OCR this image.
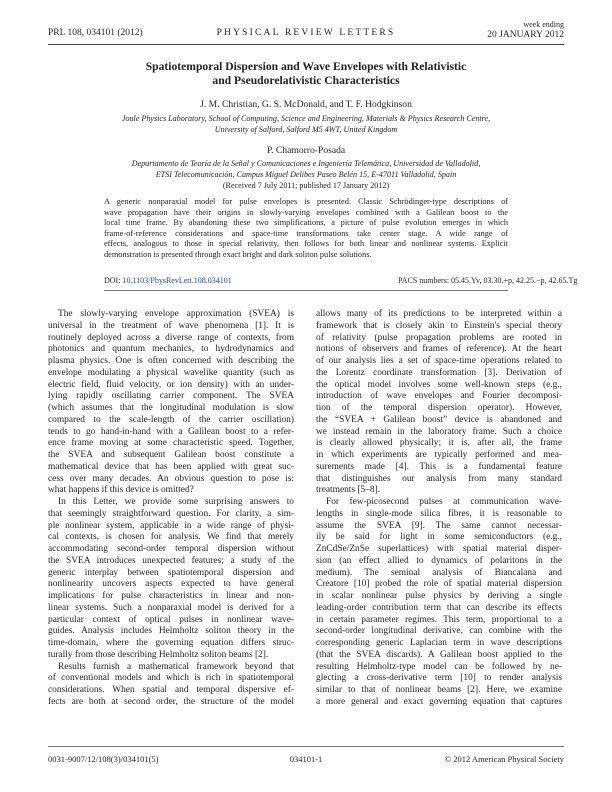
PRL 108, 034101 (2012)	PHYSICAL REVIEW LETTERS
week ending
20 JANUARY 2012
Spatiotemporal Dispersion and Wave Envelopes with Relativistic
and Pseudorelativistic Characteristics
J. M. Christian, G. S. McDonald, and T. F. Hodgkinson
Joule Physics Laboratory, School of Computing, Science and Engineering, Materials & Physics Research Centre,
University of Salford, Salford M5 4WT, United Kingdom
P. Chamorro-Posada
Departamento de Teoría de la Señal y Comunicaciones e Ingeniería Telemática, Universidad de Valladolid,
ETSI Telecomunicación, Campus Miguel Delibes Paseo Belén 15, E-47011 Valladolid, Spain
(Received 7 July 2011; published 17 January 2012)
A generic nonparaxial model for pulse envelopes is presented. Classic Schrödinger-type descriptions of
wave propagation have their origins in slowly-varying envelopes combined with a Galilean boost to the
local time frame. By abandoning these two simplifications, a picture of pulse evolution emerges in which
frame-of-reference considerations and space-time transformations take center stage. A wide range of
effects, analogous to those in special relativity, then follows for both linear and nonlinear systems. Explicit
demonstration is presented through exact bright and dark soliton pulse solutions.
DOI: 10.1103/PhysRevLett.108.034101	PACS numbers: 05.45.Yv, 03.30.+p, 42.25.−p, 42.65.Tg
The slowly-varying envelope approximation (SVEA) is
universal in the treatment of wave phenomena [1]. It is
routinely deployed across a diverse range of contexts, from
photonics and quantum mechanics, to hydrodynamics and
plasma physics. One is often concerned with describing the
envelope modulating a physical wavelike quantity (such as
electric field, fluid velocity, or ion density) with an under-
lying rapidly oscillating carrier component. The SVEA
(which assumes that the longitudinal modulation is slow
compared to the scale-length of the carrier oscillation)
tends to go hand-in-hand with a Galilean boost to a refer-
ence frame moving at some characteristic speed. Together,
the SVEA and subsequent Galilean boost constitute a
mathematical device that has been applied with great suc-
cess over many decades. An obvious question to pose is:
what happens if this device is omitted?
In this Letter, we provide some surprising answers to
that seemingly straightforward question. For clarity, a sim-
ple nonlinear system, applicable in a wide range of physi-
cal contexts, is chosen for analysis. We find that merely
accommodating second-order temporal dispersion without
the SVEA introduces unexpected features; a study of the
generic interplay between spatiotemporal dispersion and
nonlinearity uncovers aspects expected to have general
implications for pulse characteristics in linear and non-
linear systems. Such a nonparaxial model is derived for a
particular context of optical pulses in nonlinear wave-
guides. Analysis includes Helmholtz soliton theory in the
time-domain, where the governing equation differs struc-
turally from those describing Helmholtz soliton beams [2].
Results furnish a mathematical framework beyond that
of conventional models and which is rich in spatiotemporal
considerations. When spatial and temporal dispersive ef-
fects are both at second order, the structure of the model
allows many of its predictions to be interpreted within a
framework that is closely akin to Einstein's special theory
of relativity (pulse propagation problems are rooted in
notions of observers and frames of reference). At the heart
of our analysis lies a set of space-time operations related to
the Lorentz coordinate transformation [3]. Derivation of
the optical model involves some well-known steps (e.g.,
introduction of wave envelopes and Fourier decomposi-
tion of the temporal dispersion operator). However,
the “SVEA + Galilean boost” device is abandoned and
we instead remain in the laboratory frame. Such a choice
is clearly allowed physically; it is, after all, the frame
in which experiments are typically performed and mea-
surements made [4]. This is a fundamental feature
that distinguishes our analysis from many standard
treatments [5–8].
For few-picosecond pulses at communication wave-
lengths in single-mode silica fibres, it is reasonable to
assume the SVEA [9]. The same cannot necessar-
ily be said for light in some semiconductors (e.g.,
ZnCdSe/ZnSe superlattices) with spatial material disper-
sion (an effect allied to dynamics of polaritons in the
medium). The seminal analysis of Biancalana and
Creatore [10] probed the role of spatial material dispersion
in scalar nonlinear pulse physics by deriving a single
leading-order contribution term that can describe its effects
in certain parameter regimes. This term, proportional to a
second-order longitudinal derivative, can combine with the
corresponding generic Laplacian term in wave descriptions
(that the SVEA discards). A Galilean boost applied to the
resulting Helmholtz-type model can be followed by ne-
glecting a cross-derivative term [10] to render analysis
similar to that of nonlinear beams [2]. Here, we examine
a more general and exact governing equation that captures
0031-9007/12/108(3)/034101(5)	034101-1	© 2012 American Physical Society
